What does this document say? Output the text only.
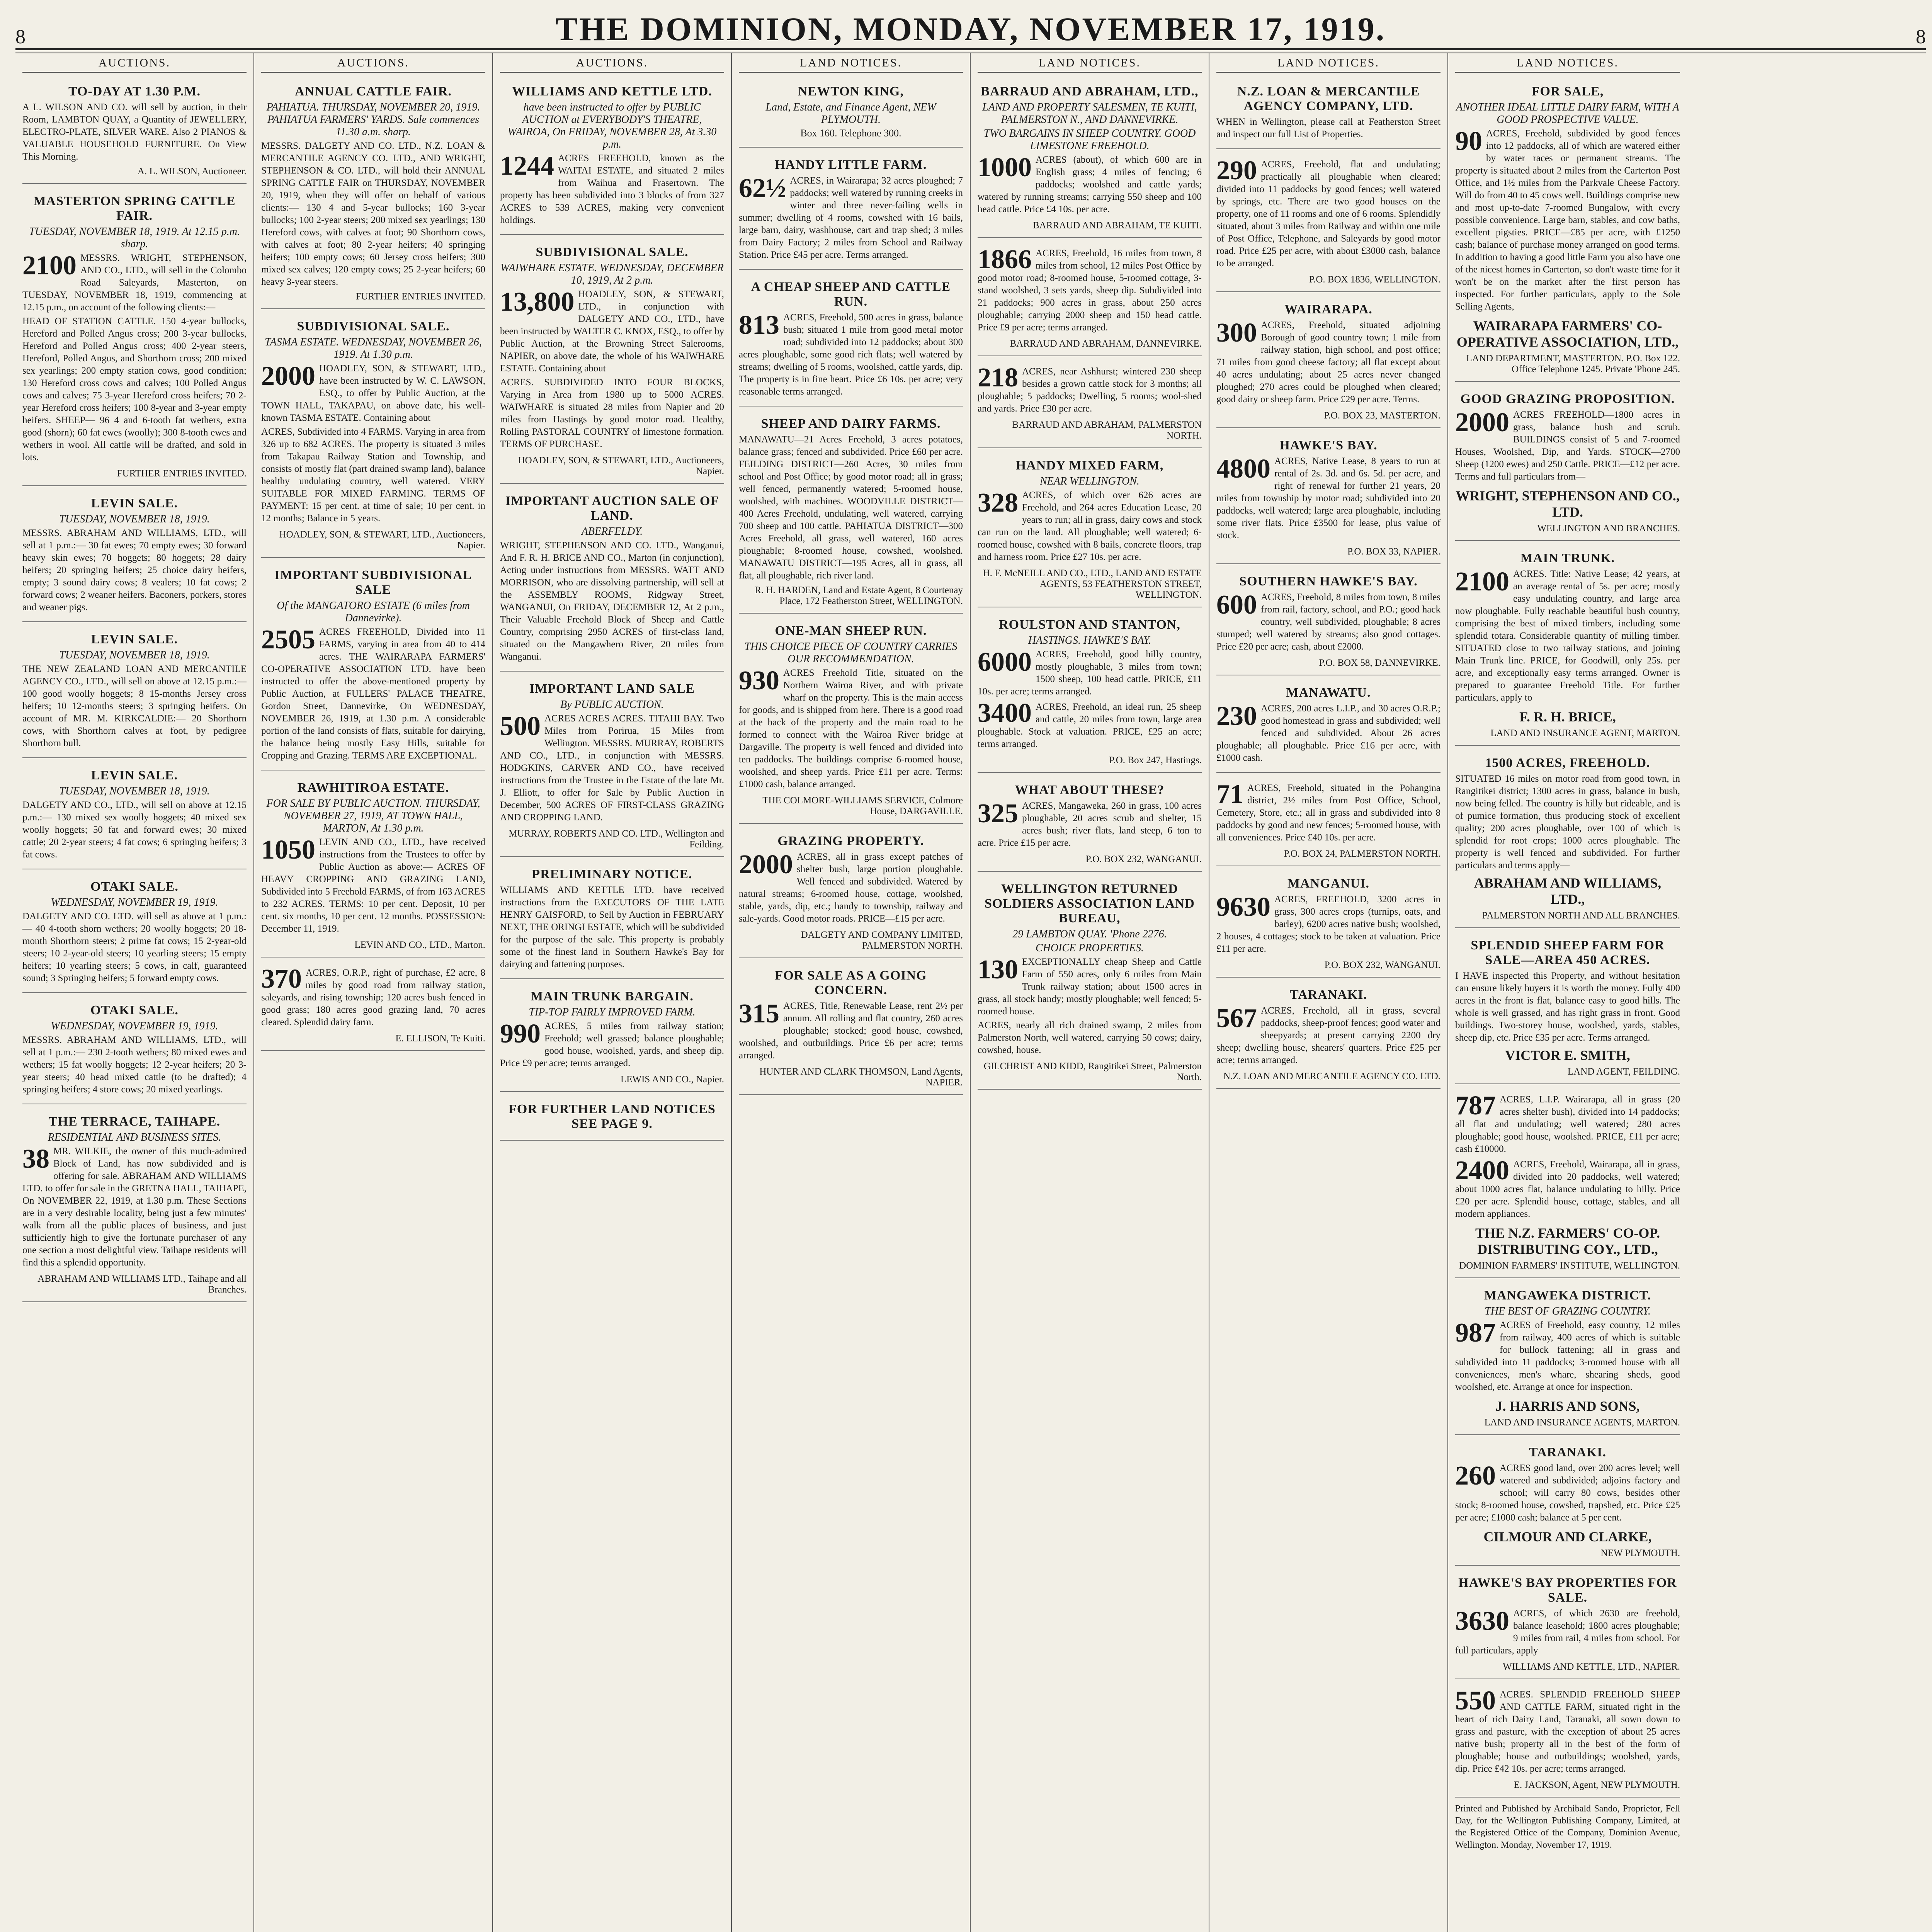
8	THE DOMINION, MONDAY, NOVEMBER 17, 1919.	8
AUCTIONS.
TO-DAY AT 1.30 P.M.

A L. WILSON AND CO. will sell by auction, in their Room, LAMBTON QUAY, a Quantity of JEWELLERY, ELECTRO-PLATE, SILVER WARE. Also 2 PIANOS & VALUABLE HOUSEHOLD FURNITURE. On View This Morning.

A. L. WILSON, Auctioneer.
MASTERTON SPRING CATTLE FAIR.
TUESDAY, NOVEMBER 18, 1919. At 12.15 p.m. sharp.
2100 MESSRS. WRIGHT, STEPHENSON, AND CO., LTD., will sell in the Colombo Road Saleyards, Masterton, on TUESDAY, NOVEMBER 18, 1919, commencing at 12.15 p.m., on account of the following clients:—

HEAD OF STATION CATTLE. 150 4-year bullocks, Hereford and Polled Angus cross; 200 3-year bullocks, Hereford and Polled Angus cross; 400 2-year steers, Hereford, Polled Angus, and Shorthorn cross; 200 mixed sex yearlings; 200 empty station cows, good condition; 130 Hereford cross cows and calves; 100 Polled Angus cows and calves; 75 3-year Hereford cross heifers; 70 2-year Hereford cross heifers; 100 8-year and 3-year empty heifers. SHEEP— 96 4 and 6-tooth fat wethers, extra good (shorn); 60 fat ewes (woolly); 300 8-tooth ewes and wethers in wool. All cattle will be drafted, and sold in lots.

FURTHER ENTRIES INVITED.
LEVIN SALE.
TUESDAY, NOVEMBER 18, 1919.

MESSRS. ABRAHAM AND WILLIAMS, LTD., will sell at 1 p.m.:— 30 fat ewes; 70 empty ewes; 30 forward heavy skin ewes; 70 hoggets; 80 hoggets; 28 dairy heifers; 20 springing heifers; 25 choice dairy heifers, empty; 3 sound dairy cows; 8 vealers; 10 fat cows; 2 forward cows; 2 weaner heifers. Baconers, porkers, stores and weaner pigs.

LEVIN SALE.
TUESDAY, NOVEMBER 18, 1919.

THE NEW ZEALAND LOAN AND MERCANTILE AGENCY CO., LTD., will sell on above at 12.15 p.m.:— 100 good woolly hoggets; 8 15-months Jersey cross heifers; 10 12-months steers; 3 springing heifers. On account of MR. M. KIRKCALDIE:— 20 Shorthorn cows, with Shorthorn calves at foot, by pedigree Shorthorn bull.

LEVIN SALE.
TUESDAY, NOVEMBER 18, 1919.

DALGETY AND CO., LTD., will sell on above at 12.15 p.m.:— 130 mixed sex woolly hoggets; 40 mixed sex woolly hoggets; 50 fat and forward ewes; 30 mixed cattle; 20 2-year steers; 4 fat cows; 6 springing heifers; 3 fat cows.

OTAKI SALE.
WEDNESDAY, NOVEMBER 19, 1919.

DALGETY AND CO. LTD. will sell as above at 1 p.m.:— 40 4-tooth shorn wethers; 20 woolly hoggets; 20 18-month Shorthorn steers; 2 prime fat cows; 15 2-year-old steers; 10 2-year-old steers; 10 yearling steers; 15 empty heifers; 10 yearling steers; 5 cows, in calf, guaranteed sound; 3 Springing heifers; 5 forward empty cows.

OTAKI SALE.
WEDNESDAY, NOVEMBER 19, 1919.

MESSRS. ABRAHAM AND WILLIAMS, LTD., will sell at 1 p.m.:— 230 2-tooth wethers; 80 mixed ewes and wethers; 15 fat woolly hoggets; 12 2-year heifers; 20 3-year steers; 40 head mixed cattle (to be drafted); 4 springing heifers; 4 store cows; 20 mixed yearlings.

THE TERRACE, TAIHAPE.
RESIDENTIAL AND BUSINESS SITES.
38 MR. WILKIE, the owner of this much-admired Block of Land, has now subdivided and is offering for sale. ABRAHAM AND WILLIAMS LTD. to offer for sale in the GRETNA HALL, TAIHAPE, On NOVEMBER 22, 1919, at 1.30 p.m. These Sections are in a very desirable locality, being just a few minutes' walk from all the public places of business, and just sufficiently high to give the fortunate purchaser of any one section a most delightful view. Taihape residents will find this a splendid opportunity.

ABRAHAM AND WILLIAMS LTD., Taihape and all Branches.
AUCTIONS.
ANNUAL CATTLE FAIR.
PAHIATUA. THURSDAY, NOVEMBER 20, 1919. PAHIATUA FARMERS' YARDS. Sale commences 11.30 a.m. sharp.

MESSRS. DALGETY AND CO. LTD., N.Z. LOAN & MERCANTILE AGENCY CO. LTD., AND WRIGHT, STEPHENSON & CO. LTD., will hold their ANNUAL SPRING CATTLE FAIR on THURSDAY, NOVEMBER 20, 1919, when they will offer on behalf of various clients:— 130 4 and 5-year bullocks; 160 3-year bullocks; 100 2-year steers; 200 mixed sex yearlings; 130 Hereford cows, with calves at foot; 90 Shorthorn cows, with calves at foot; 80 2-year heifers; 40 springing heifers; 100 empty cows; 60 Jersey cross heifers; 300 mixed sex calves; 120 empty cows; 25 2-year heifers; 60 heavy 3-year steers.

FURTHER ENTRIES INVITED.
SUBDIVISIONAL SALE.
TASMA ESTATE. WEDNESDAY, NOVEMBER 26, 1919. At 1.30 p.m.
2000 HOADLEY, SON, & STEWART, LTD., have been instructed by W. C. LAWSON, ESQ., to offer by Public Auction, at the TOWN HALL, TAKAPAU, on above date, his well-known TASMA ESTATE. Containing about

ACRES, Subdivided into 4 FARMS. Varying in area from 326 up to 682 ACRES. The property is situated 3 miles from Takapau Railway Station and Township, and consists of mostly flat (part drained swamp land), balance healthy undulating country, well watered. VERY SUITABLE FOR MIXED FARMING. TERMS OF PAYMENT: 15 per cent. at time of sale; 10 per cent. in 12 months; Balance in 5 years.

HOADLEY, SON, & STEWART, LTD., Auctioneers, Napier.
IMPORTANT SUBDIVISIONAL SALE
Of the MANGATORO ESTATE (6 miles from Dannevirke).
2505 ACRES FREEHOLD, Divided into 11 FARMS, varying in area from 40 to 414 acres. THE WAIRARAPA FARMERS' CO-OPERATIVE ASSOCIATION LTD. have been instructed to offer the above-mentioned property by Public Auction, at FULLERS' PALACE THEATRE, Gordon Street, Dannevirke, On WEDNESDAY, NOVEMBER 26, 1919, at 1.30 p.m. A considerable portion of the land consists of flats, suitable for dairying, the balance being mostly Easy Hills, suitable for Cropping and Grazing. TERMS ARE EXCEPTIONAL.

RAWHITIROA ESTATE.
FOR SALE BY PUBLIC AUCTION. THURSDAY, NOVEMBER 27, 1919, AT TOWN HALL, MARTON, At 1.30 p.m.
1050 LEVIN AND CO., LTD., have received instructions from the Trustees to offer by Public Auction as above:— ACRES OF HEAVY CROPPING AND GRAZING LAND, Subdivided into 5 Freehold FARMS, of from 163 ACRES to 232 ACRES. TERMS: 10 per cent. Deposit, 10 per cent. six months, 10 per cent. 12 months. POSSESSION: December 11, 1919.

LEVIN AND CO., LTD., Marton.
370 ACRES, O.R.P., right of purchase, £2 acre, 8 miles by good road from railway station, saleyards, and rising township; 120 acres bush fenced in good grass; 180 acres good grazing land, 70 acres cleared. Splendid dairy farm.

E. ELLISON, Te Kuiti.
AUCTIONS.
WILLIAMS AND KETTLE LTD.
have been instructed to offer by PUBLIC AUCTION at EVERYBODY'S THEATRE, WAIROA, On FRIDAY, NOVEMBER 28, At 3.30 p.m.
1244 ACRES FREEHOLD, known as the WAITAI ESTATE, and situated 2 miles from Waihua and Frasertown. The property has been subdivided into 3 blocks of from 327 ACRES to 539 ACRES, making very convenient holdings.

SUBDIVISIONAL SALE.
WAIWHARE ESTATE. WEDNESDAY, DECEMBER 10, 1919, At 2 p.m.
13,800 HOADLEY, SON, & STEWART, LTD., in conjunction with DALGETY AND CO., LTD., have been instructed by WALTER C. KNOX, ESQ., to offer by Public Auction, at the Browning Street Salerooms, NAPIER, on above date, the whole of his WAIWHARE ESTATE. Containing about

ACRES. SUBDIVIDED INTO FOUR BLOCKS, Varying in Area from 1980 up to 5000 ACRES. WAIWHARE is situated 28 miles from Napier and 20 miles from Hastings by good motor road. Healthy, Rolling PASTORAL COUNTRY of limestone formation. TERMS OF PURCHASE.

HOADLEY, SON, & STEWART, LTD., Auctioneers, Napier.
IMPORTANT AUCTION SALE OF LAND.
ABERFELDY.

WRIGHT, STEPHENSON AND CO. LTD., Wanganui, And F. R. H. BRICE AND CO., Marton (in conjunction), Acting under instructions from MESSRS. WATT AND MORRISON, who are dissolving partnership, will sell at the ASSEMBLY ROOMS, Ridgway Street, WANGANUI, On FRIDAY, DECEMBER 12, At 2 p.m., Their Valuable Freehold Block of Sheep and Cattle Country, comprising 2950 ACRES of first-class land, situated on the Mangawhero River, 20 miles from Wanganui.

IMPORTANT LAND SALE
By PUBLIC AUCTION.
500 ACRES ACRES ACRES. TITAHI BAY. Two Miles from Porirua, 15 Miles from Wellington. MESSRS. MURRAY, ROBERTS AND CO., LTD., in conjunction with MESSRS. HODGKINS, CARVER AND CO., have received instructions from the Trustee in the Estate of the late Mr. J. Elliott, to offer for Sale by Public Auction in December, 500 ACRES OF FIRST-CLASS GRAZING AND CROPPING LAND.

MURRAY, ROBERTS AND CO. LTD., Wellington and Feilding.
PRELIMINARY NOTICE.

WILLIAMS AND KETTLE LTD. have received instructions from the EXECUTORS OF THE LATE HENRY GAISFORD, to Sell by Auction in FEBRUARY NEXT, THE ORINGI ESTATE, which will be subdivided for the purpose of the sale. This property is probably some of the finest land in Southern Hawke's Bay for dairying and fattening purposes.

MAIN TRUNK BARGAIN.
TIP-TOP FAIRLY IMPROVED FARM.
990 ACRES, 5 miles from railway station; Freehold; well grassed; balance ploughable; good house, woolshed, yards, and sheep dip. Price £9 per acre; terms arranged.

LEWIS AND CO., Napier.
FOR FURTHER LAND NOTICES SEE PAGE 9.
LAND NOTICES.
NEWTON KING,
Land, Estate, and Finance Agent, NEW PLYMOUTH.
Box 160. Telephone 300.
HANDY LITTLE FARM.
62½ ACRES, in Wairarapa; 32 acres ploughed; 7 paddocks; well watered by running creeks in winter and three never-failing wells in summer; dwelling of 4 rooms, cowshed with 16 bails, large barn, dairy, washhouse, cart and trap shed; 3 miles from Dairy Factory; 2 miles from School and Railway Station. Price £45 per acre. Terms arranged.

A CHEAP SHEEP AND CATTLE RUN.
813 ACRES, Freehold, 500 acres in grass, balance bush; situated 1 mile from good metal motor road; subdivided into 12 paddocks; about 300 acres ploughable, some good rich flats; well watered by streams; dwelling of 5 rooms, woolshed, cattle yards, dip. The property is in fine heart. Price £6 10s. per acre; very reasonable terms arranged.

SHEEP AND DAIRY FARMS.

MANAWATU—21 Acres Freehold, 3 acres potatoes, balance grass; fenced and subdivided. Price £60 per acre. FEILDING DISTRICT—260 Acres, 30 miles from school and Post Office; by good motor road; all in grass; well fenced, permanently watered; 5-roomed house, woolshed, with machines. WOODVILLE DISTRICT—400 Acres Freehold, undulating, well watered, carrying 700 sheep and 100 cattle. PAHIATUA DISTRICT—300 Acres Freehold, all grass, well watered, 160 acres ploughable; 8-roomed house, cowshed, woolshed. MANAWATU DISTRICT—195 Acres, all in grass, all flat, all ploughable, rich river land.

R. H. HARDEN, Land and Estate Agent, 8 Courtenay Place, 172 Featherston Street, WELLINGTON.
ONE-MAN SHEEP RUN.
THIS CHOICE PIECE OF COUNTRY CARRIES OUR RECOMMENDATION.
930 ACRES Freehold Title, situated on the Northern Wairoa River, and with private wharf on the property. This is the main access for goods, and is shipped from here. There is a good road at the back of the property and the main road to be formed to connect with the Wairoa River bridge at Dargaville. The property is well fenced and divided into ten paddocks. The buildings comprise 6-roomed house, woolshed, and sheep yards. Price £11 per acre. Terms: £1000 cash, balance arranged.

THE COLMORE-WILLIAMS SERVICE, Colmore House, DARGAVILLE.
GRAZING PROPERTY.
2000 ACRES, all in grass except patches of shelter bush, large portion ploughable. Well fenced and subdivided. Watered by natural streams; 6-roomed house, cottage, woolshed, stable, yards, dip, etc.; handy to township, railway and sale-yards. Good motor roads. PRICE—£15 per acre.

DALGETY AND COMPANY LIMITED, PALMERSTON NORTH.
FOR SALE AS A GOING CONCERN.
315 ACRES, Title, Renewable Lease, rent 2½ per annum. All rolling and flat country, 260 acres ploughable; stocked; good house, cowshed, woolshed, and outbuildings. Price £6 per acre; terms arranged.

HUNTER AND CLARK THOMSON, Land Agents, NAPIER.
LAND NOTICES.
BARRAUD AND ABRAHAM, LTD.,
LAND AND PROPERTY SALESMEN, TE KUITI, PALMERSTON N., AND DANNEVIRKE.
TWO BARGAINS IN SHEEP COUNTRY. GOOD LIMESTONE FREEHOLD.
1000 ACRES (about), of which 600 are in English grass; 4 miles of fencing; 6 paddocks; woolshed and cattle yards; watered by running streams; carrying 550 sheep and 100 head cattle. Price £4 10s. per acre.

BARRAUD AND ABRAHAM, TE KUITI.
1866 ACRES, Freehold, 16 miles from town, 8 miles from school, 12 miles Post Office by good motor road; 8-roomed house, 5-roomed cottage, 3-stand woolshed, 3 sets yards, sheep dip. Subdivided into 21 paddocks; 900 acres in grass, about 250 acres ploughable; carrying 2000 sheep and 150 head cattle. Price £9 per acre; terms arranged.

BARRAUD AND ABRAHAM, DANNEVIRKE.
218 ACRES, near Ashhurst; wintered 230 sheep besides a grown cattle stock for 3 months; all ploughable; 5 paddocks; Dwelling, 5 rooms; wool-shed and yards. Price £30 per acre.

BARRAUD AND ABRAHAM, PALMERSTON NORTH.
HANDY MIXED FARM,
NEAR WELLINGTON.
328 ACRES, of which over 626 acres are Freehold, and 264 acres Education Lease, 20 years to run; all in grass, dairy cows and stock can run on the land. All ploughable; well watered; 6-roomed house, cowshed with 8 bails, concrete floors, trap and harness room. Price £27 10s. per acre.

H. F. McNEILL AND CO., LTD., LAND AND ESTATE AGENTS, 53 FEATHERSTON STREET, WELLINGTON.
ROULSTON AND STANTON,
HASTINGS. HAWKE'S BAY.
6000 ACRES, Freehold, good hilly country, mostly ploughable, 3 miles from town; 1500 sheep, 100 head cattle. PRICE, £11 10s. per acre; terms arranged.

3400 ACRES, Freehold, an ideal run, 25 sheep and cattle, 20 miles from town, large area ploughable. Stock at valuation. PRICE, £25 an acre; terms arranged.

P.O. Box 247, Hastings.
WHAT ABOUT THESE?
325 ACRES, Mangaweka, 260 in grass, 100 acres ploughable, 20 acres scrub and shelter, 15 acres bush; river flats, land steep, 6 ton to acre. Price £15 per acre.

P.O. BOX 232, WANGANUI.
WELLINGTON RETURNED SOLDIERS ASSOCIATION LAND BUREAU,
29 LAMBTON QUAY. 'Phone 2276.
CHOICE PROPERTIES.
130 EXCEPTIONALLY cheap Sheep and Cattle Farm of 550 acres, only 6 miles from Main Trunk railway station; about 1500 acres in grass, all stock handy; mostly ploughable; well fenced; 5-roomed house.

ACRES, nearly all rich drained swamp, 2 miles from Palmerston North, well watered, carrying 50 cows; dairy, cowshed, house.

GILCHRIST AND KIDD, Rangitikei Street, Palmerston North.
LAND NOTICES.
N.Z. LOAN & MERCANTILE AGENCY COMPANY, LTD.

WHEN in Wellington, please call at Featherston Street and inspect our full List of Properties.

290 ACRES, Freehold, flat and undulating; practically all ploughable when cleared; divided into 11 paddocks by good fences; well watered by springs, etc. There are two good houses on the property, one of 11 rooms and one of 6 rooms. Splendidly situated, about 3 miles from Railway and within one mile of Post Office, Telephone, and Saleyards by good motor road. Price £25 per acre, with about £3000 cash, balance to be arranged.

P.O. BOX 1836, WELLINGTON.
WAIRARAPA.
300 ACRES, Freehold, situated adjoining Borough of good country town; 1 mile from railway station, high school, and post office; 71 miles from good cheese factory; all flat except about 40 acres undulating; about 25 acres never changed ploughed; 270 acres could be ploughed when cleared; good dairy or sheep farm. Price £29 per acre. Terms.

P.O. BOX 23, MASTERTON.
HAWKE'S BAY.
4800 ACRES, Native Lease, 8 years to run at rental of 2s. 3d. and 6s. 5d. per acre, and right of renewal for further 21 years, 20 miles from township by motor road; subdivided into 20 paddocks, well watered; large area ploughable, including some river flats. Price £3500 for lease, plus value of stock.

P.O. BOX 33, NAPIER.
SOUTHERN HAWKE'S BAY.
600 ACRES, Freehold, 8 miles from town, 8 miles from rail, factory, school, and P.O.; good hack country, well subdivided, ploughable; 8 acres stumped; well watered by streams; also good cottages. Price £20 per acre; cash, about £2000.

P.O. BOX 58, DANNEVIRKE.
MANAWATU.
230 ACRES, 200 acres L.I.P., and 30 acres O.R.P.; good homestead in grass and subdivided; well fenced and subdivided. About 26 acres ploughable; all ploughable. Price £16 per acre, with £1000 cash.

71 ACRES, Freehold, situated in the Pohangina district, 2½ miles from Post Office, School, Cemetery, Store, etc.; all in grass and subdivided into 8 paddocks by good and new fences; 5-roomed house, with all conveniences. Price £40 10s. per acre.

P.O. BOX 24, PALMERSTON NORTH.
MANGANUI.
9630 ACRES, FREEHOLD, 3200 acres in grass, 300 acres crops (turnips, oats, and barley), 6200 acres native bush; woolshed, 2 houses, 4 cottages; stock to be taken at valuation. Price £11 per acre.

P.O. BOX 232, WANGANUI.
TARANAKI.
567 ACRES, Freehold, all in grass, several paddocks, sheep-proof fences; good water and sheepyards; at present carrying 2200 dry sheep; dwelling house, shearers' quarters. Price £25 per acre; terms arranged.

N.Z. LOAN AND MERCANTILE AGENCY CO. LTD.
LAND NOTICES.
FOR SALE,
ANOTHER IDEAL LITTLE DAIRY FARM, WITH A GOOD PROSPECTIVE VALUE.
90 ACRES, Freehold, subdivided by good fences into 12 paddocks, all of which are watered either by water races or permanent streams. The property is situated about 2 miles from the Carterton Post Office, and 1½ miles from the Parkvale Cheese Factory. Will do from 40 to 45 cows well. Buildings comprise new and most up-to-date 7-roomed Bungalow, with every possible convenience. Large barn, stables, and cow baths, excellent pigsties. PRICE—£85 per acre, with £1250 cash; balance of purchase money arranged on good terms. In addition to having a good little Farm you also have one of the nicest homes in Carterton, so don't waste time for it won't be on the market after the first person has inspected. For further particulars, apply to the Sole Selling Agents,

WAIRARAPA FARMERS' CO-OPERATIVE ASSOCIATION, LTD.,
LAND DEPARTMENT, MASTERTON. P.O. Box 122. Office Telephone 1245. Private 'Phone 245.
GOOD GRAZING PROPOSITION.
2000 ACRES FREEHOLD—1800 acres in grass, balance bush and scrub. BUILDINGS consist of 5 and 7-roomed Houses, Woolshed, Dip, and Yards. STOCK—2700 Sheep (1200 ewes) and 250 Cattle. PRICE—£12 per acre. Terms and full particulars from—

WRIGHT, STEPHENSON AND CO., LTD.
WELLINGTON AND BRANCHES.
MAIN TRUNK.
2100 ACRES. Title: Native Lease; 42 years, at an average rental of 5s. per acre; mostly easy undulating country, and large area now ploughable. Fully reachable beautiful bush country, comprising the best of mixed timbers, including some splendid totara. Considerable quantity of milling timber. SITUATED close to two railway stations, and joining Main Trunk line. PRICE, for Goodwill, only 25s. per acre, and exceptionally easy terms arranged. Owner is prepared to guarantee Freehold Title. For further particulars, apply to

F. R. H. BRICE,
LAND AND INSURANCE AGENT, MARTON.
1500 ACRES, FREEHOLD.

SITUATED 16 miles on motor road from good town, in Rangitikei district; 1300 acres in grass, balance in bush, now being felled. The country is hilly but rideable, and is of pumice formation, thus producing stock of excellent quality; 200 acres ploughable, over 100 of which is splendid for root crops; 1000 acres ploughable. The property is well fenced and subdivided. For further particulars and terms apply—

ABRAHAM AND WILLIAMS, LTD.,
PALMERSTON NORTH AND ALL BRANCHES.
SPLENDID SHEEP FARM FOR SALE—AREA 450 ACRES.

I HAVE inspected this Property, and without hesitation can ensure likely buyers it is worth the money. Fully 400 acres in the front is flat, balance easy to good hills. The whole is well grassed, and has right grass in front. Good buildings. Two-storey house, woolshed, yards, stables, sheep dip, etc. Price £35 per acre. Terms arranged.

VICTOR E. SMITH,
LAND AGENT, FEILDING.
787 ACRES, L.I.P. Wairarapa, all in grass (20 acres shelter bush), divided into 14 paddocks; all flat and undulating; well watered; 280 acres ploughable; good house, woolshed. PRICE, £11 per acre; cash £10000.

2400 ACRES, Freehold, Wairarapa, all in grass, divided into 20 paddocks, well watered; about 1000 acres flat, balance undulating to hilly. Price £20 per acre. Splendid house, cottage, stables, and all modern appliances.

THE N.Z. FARMERS' CO-OP. DISTRIBUTING COY., LTD.,
DOMINION FARMERS' INSTITUTE, WELLINGTON.
MANGAWEKA DISTRICT.
THE BEST OF GRAZING COUNTRY.
987 ACRES of Freehold, easy country, 12 miles from railway, 400 acres of which is suitable for bullock fattening; all in grass and subdivided into 11 paddocks; 3-roomed house with all conveniences, men's whare, shearing sheds, good woolshed, etc. Arrange at once for inspection.

J. HARRIS AND SONS,
LAND AND INSURANCE AGENTS, MARTON.
TARANAKI.
260 ACRES good land, over 200 acres level; well watered and subdivided; adjoins factory and school; will carry 80 cows, besides other stock; 8-roomed house, cowshed, trapshed, etc. Price £25 per acre; £1000 cash; balance at 5 per cent.

CILMOUR AND CLARKE,
NEW PLYMOUTH.
HAWKE'S BAY PROPERTIES FOR SALE.
3630 ACRES, of which 2630 are freehold, balance leasehold; 1800 acres ploughable; 9 miles from rail, 4 miles from school. For full particulars, apply

WILLIAMS AND KETTLE, LTD., NAPIER.
550 ACRES. SPLENDID FREEHOLD SHEEP AND CATTLE FARM, situated right in the heart of rich Dairy Land, Taranaki, all sown down to grass and pasture, with the exception of about 25 acres native bush; property all in the best of the form of ploughable; house and outbuildings; woolshed, yards, dip. Price £42 10s. per acre; terms arranged.

E. JACKSON, Agent, NEW PLYMOUTH.
Printed and Published by Archibald Sando, Proprietor, Fell Day, for the Wellington Publishing Company, Limited, at the Registered Office of the Company, Dominion Avenue, Wellington. Monday, November 17, 1919.
